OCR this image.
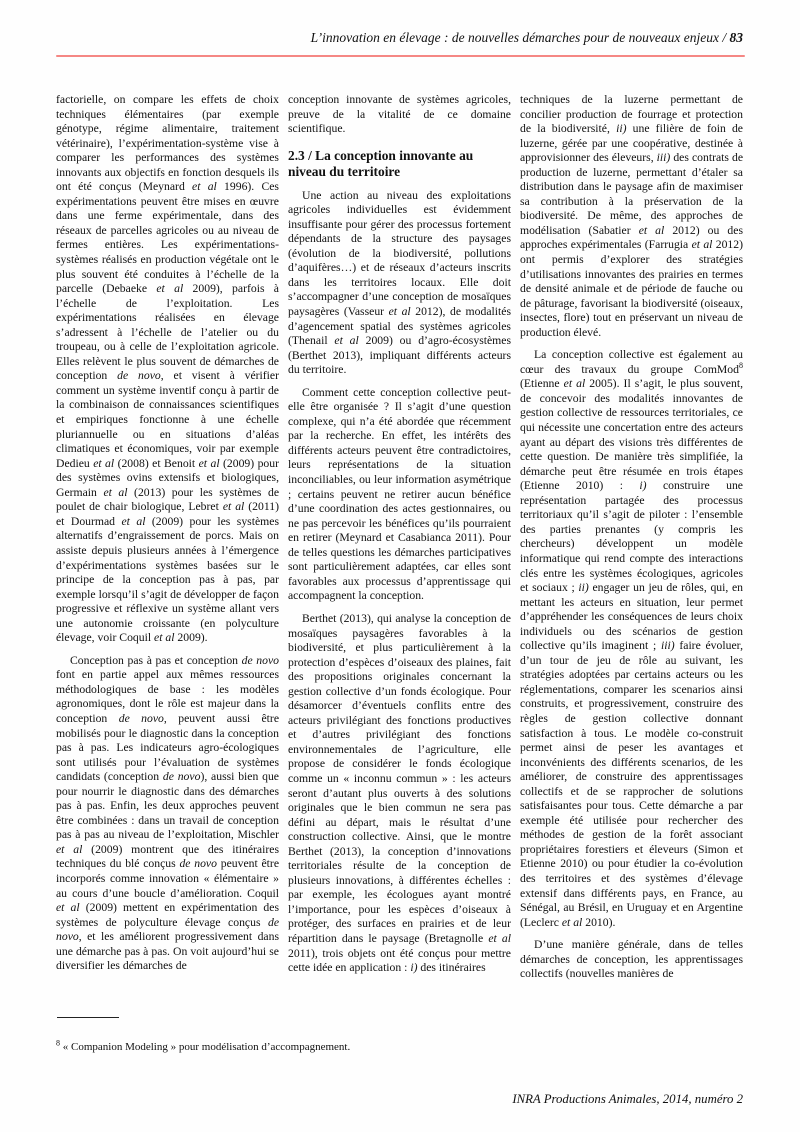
L’innovation en élevage : de nouvelles démarches pour de nouveaux enjeux / 83

factorielle, on compare les effets de choix techniques élémentaires (par exemple génotype, régime alimentaire, traitement vétérinaire), l’expérimentation-système vise à comparer les performances des systèmes innovants aux objectifs en fonction desquels ils ont été conçus (Meynard et al 1996). Ces expérimentations peuvent être mises en œuvre dans une ferme expérimentale, dans des réseaux de parcelles agricoles ou au niveau de fermes entières. Les expérimentations-systèmes réalisés en production végétale ont le plus souvent été conduites à l’échelle de la parcelle (Debaeke et al 2009), parfois à l’échelle de l’exploitation. Les expérimentations réalisées en élevage s’adressent à l’échelle de l’atelier ou du troupeau, ou à celle de l’exploitation agricole. Elles relèvent le plus souvent de démarches de conception de novo, et visent à vérifier comment un système inventif conçu à partir de la combinaison de connaissances scientifiques et empiriques fonctionne à une échelle pluriannuelle ou en situations d’aléas climatiques et économiques, voir par exemple Dedieu et al (2008) et Benoit et al (2009) pour des systèmes ovins extensifs et biologiques, Germain et al (2013) pour les systèmes de poulet de chair biologique, Lebret et al (2011) et Dourmad et al (2009) pour les systèmes alternatifs d’engraissement de porcs. Mais on assiste depuis plusieurs années à l’émergence d’expérimentations systèmes basées sur le principe de la conception pas à pas, par exemple lorsqu’il s’agit de développer de façon progressive et réflexive un système allant vers une autonomie croissante (en polyculture élevage, voir Coquil et al 2009).

Conception pas à pas et conception de novo font en partie appel aux mêmes ressources méthodologiques de base : les modèles agronomiques, dont le rôle est majeur dans la conception de novo, peuvent aussi être mobilisés pour le diagnostic dans la conception pas à pas. Les indicateurs agro-écologiques sont utilisés pour l’évaluation de systèmes candidats (conception de novo), aussi bien que pour nourrir le diagnostic dans des démarches pas à pas. Enfin, les deux approches peuvent être combinées : dans un travail de conception pas à pas au niveau de l’exploitation, Mischler et al (2009) montrent que des itinéraires techniques du blé conçus de novo peuvent être incorporés comme innovation « élémentaire » au cours d’une boucle d’amélioration. Coquil et al (2009) mettent en expérimentation des systèmes de polyculture élevage conçus de novo, et les améliorent progressivement dans une démarche pas à pas. On voit aujourd’hui se diversifier les démarches de

conception innovante de systèmes agricoles, preuve de la vitalité de ce domaine scientifique.

2.3 / La conception innovante au niveau du territoire

Une action au niveau des exploitations agricoles individuelles est évidemment insuffisante pour gérer des processus fortement dépendants de la structure des paysages (évolution de la biodiversité, pollutions d’aquifères…) et de réseaux d’acteurs inscrits dans les territoires locaux. Elle doit s’accompagner d’une conception de mosaïques paysagères (Vasseur et al 2012), de modalités d’agencement spatial des systèmes agricoles (Thenail et al 2009) ou d’agro-écosystèmes (Berthet 2013), impliquant différents acteurs du territoire.

Comment cette conception collective peut-elle être organisée ? Il s’agit d’une question complexe, qui n’a été abordée que récemment par la recherche. En effet, les intérêts des différents acteurs peuvent être contradictoires, leurs représentations de la situation inconciliables, ou leur information asymétrique ; certains peuvent ne retirer aucun bénéfice d’une coordination des actes gestionnaires, ou ne pas percevoir les bénéfices qu’ils pourraient en retirer (Meynard et Casabianca 2011). Pour de telles questions les démarches participatives sont particulièrement adaptées, car elles sont favorables aux processus d’apprentissage qui accompagnent la conception.

Berthet (2013), qui analyse la conception de mosaïques paysagères favorables à la biodiversité, et plus particulièrement à la protection d’espèces d’oiseaux des plaines, fait des propositions originales concernant la gestion collective d’un fonds écologique. Pour désamorcer d’éventuels conflits entre des acteurs privilégiant des fonctions productives et d’autres privilégiant des fonctions environnementales de l’agriculture, elle propose de considérer le fonds écologique comme un « inconnu commun » : les acteurs seront d’autant plus ouverts à des solutions originales que le bien commun ne sera pas défini au départ, mais le résultat d’une construction collective. Ainsi, que le montre Berthet (2013), la conception d’innovations territoriales résulte de la conception de plusieurs innovations, à différentes échelles : par exemple, les écologues ayant montré l’importance, pour les espèces d’oiseaux à protéger, des surfaces en prairies et de leur répartition dans le paysage (Bretagnolle et al 2011), trois objets ont été conçus pour mettre cette idée en application : i) des itinéraires

techniques de la luzerne permettant de concilier production de fourrage et protection de la biodiversité, ii) une filière de foin de luzerne, gérée par une coopérative, destinée à approvisionner des éleveurs, iii) des contrats de production de luzerne, permettant d’étaler sa distribution dans le paysage afin de maximiser sa contribution à la préservation de la biodiversité. De même, des approches de modélisation (Sabatier et al 2012) ou des approches expérimentales (Farrugia et al 2012) ont permis d’explorer des stratégies d’utilisations innovantes des prairies en termes de densité animale et de période de fauche ou de pâturage, favorisant la biodiversité (oiseaux, insectes, flore) tout en préservant un niveau de production élevé.

La conception collective est également au cœur des travaux du groupe ComMod$^8$ (Etienne et al 2005). Il s’agit, le plus souvent, de concevoir des modalités innovantes de gestion collective de ressources territoriales, ce qui nécessite une concertation entre des acteurs ayant au départ des visions très différentes de cette question. De manière très simplifiée, la démarche peut être résumée en trois étapes (Etienne 2010) : i) construire une représentation partagée des processus territoriaux qu’il s’agit de piloter : l’ensemble des parties prenantes (y compris les chercheurs) développent un modèle informatique qui rend compte des interactions clés entre les systèmes écologiques, agricoles et sociaux ; ii) engager un jeu de rôles, qui, en mettant les acteurs en situation, leur permet d’appréhender les conséquences de leurs choix individuels ou des scénarios de gestion collective qu’ils imaginent ; iii) faire évoluer, d’un tour de jeu de rôle au suivant, les stratégies adoptées par certains acteurs ou les réglementations, comparer les scenarios ainsi construits, et progressivement, construire des règles de gestion collective donnant satisfaction à tous. Le modèle co-construit permet ainsi de peser les avantages et inconvénients des différents scenarios, de les améliorer, de construire des apprentissages collectifs et de se rapprocher de solutions satisfaisantes pour tous. Cette démarche a par exemple été utilisée pour rechercher des méthodes de gestion de la forêt associant propriétaires forestiers et éleveurs (Simon et Etienne 2010) ou pour étudier la co-évolution des territoires et des systèmes d’élevage extensif dans différents pays, en France, au Sénégal, au Brésil, en Uruguay et en Argentine (Leclerc et al 2010).

D’une manière générale, dans de telles démarches de conception, les apprentissages collectifs (nouvelles manières de

$^8$ « Companion Modeling » pour modélisation d’accompagnement.
INRA Productions Animales, 2014, numéro 2
